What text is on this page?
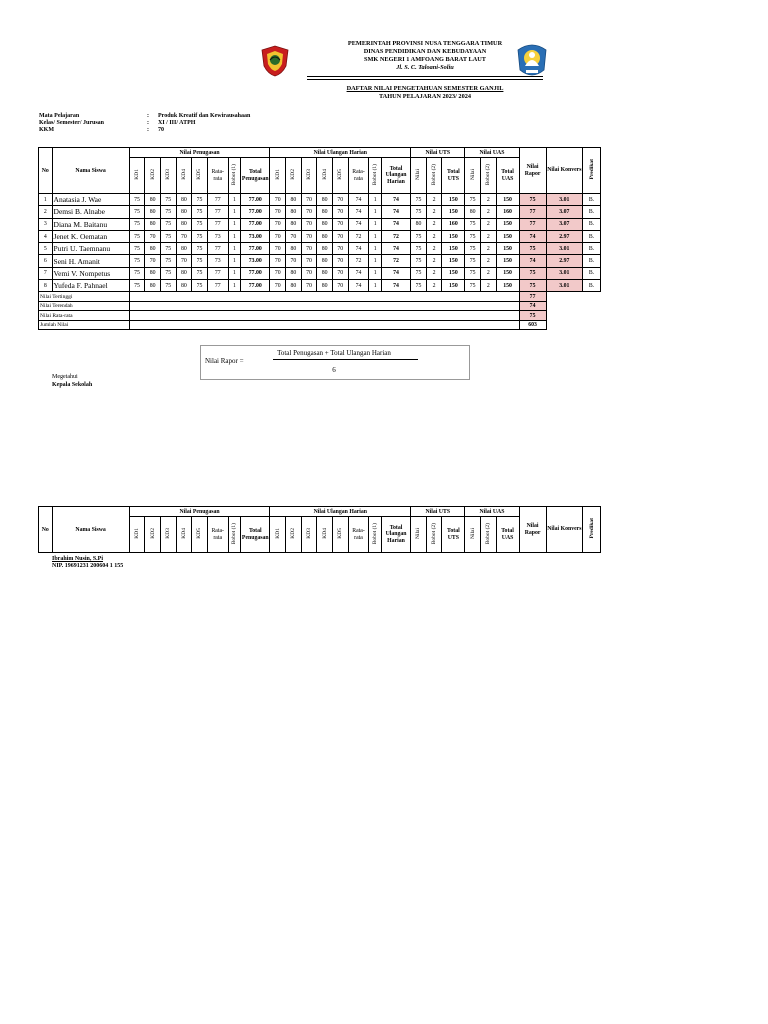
PEMERINTAH PROVINSI NUSA TENGGARA TIMUR
DINAS PENDIDIKAN DAN KEBUDAYAAN
SMK NEGERI 1 AMFOANG BARAT LAUT
Jl. S. C. Taloani-Soliu
DAFTAR NILAI PENGETAHUAN SEMESTER GANJIL
TAHUN PELAJARAN 2023/ 2024
Mata Pelajaran	:	Produk Kreatif dan Kewirausahaan
Kelas/ Semester/ Jurusan	:	XI / III/ ATPH
KKM	:	70
No	Nama Siswa	Nilai Penugasan								Nilai Ulangan Harian								Nilai UTS			Nilai UAS			Nilai Rapor	Nilai Konvers	Predikat
		KD1	KD2	KD3	KD4	KD5	Rata-rata	Bobot (1)	Total Penugasan	KD1	KD2	KD3	KD4	KD5	Rata-rata	Bobot (1)	Total Ulangan Harian	Nilai	Bobot (2)	Total UTS	Nilai	Bobot (2)	Total UAS			
1	Anatasia J. Wae	75	80	75	80	75	77	1	77.00	70	80	70	80	70	74	1	74	75	2	150	75	2	150	75	3.01	B.
2	Demsi B. Alnabe	75	80	75	80	75	77	1	77.00	70	80	70	80	70	74	1	74	75	2	150	80	2	160	77	3.07	B.
3	Diana M. Baitanu	75	80	75	80	75	77	1	77.00	70	80	70	80	70	74	1	74	80	2	160	75	2	150	77	3.07	B.
4	Jenet K. Oematan	75	70	75	70	75	73	1	73.00	70	70	70	80	70	72	1	72	75	2	150	75	2	150	74	2.97	B.
5	Putri U. Taemnanu	75	80	75	80	75	77	1	77.00	70	80	70	80	70	74	1	74	75	2	150	75	2	150	75	3.01	B.
6	Seni H. Amanit	75	70	75	70	75	73	1	73.00	70	70	70	80	70	72	1	72	75	2	150	75	2	150	74	2.97	B.
7	Vemi V. Nompetus	75	80	75	80	75	77	1	77.00	70	80	70	80	70	74	1	74	75	2	150	75	2	150	75	3.01	B.
8	Yufeda F. Pahnael	75	80	75	80	75	77	1	77.00	70	80	70	80	70	74	1	74	75	2	150	75	2	150	75	3.01	B.
Nilai Tertinggi																								77		
Nilai Terendah																								74		
Nilai Rata-rata																								75		
Jumlah Nilai																								603		
Total Penugasan + Total Ulangan Harian
Nilai Rapor =
6
Megetahui
Kepala Sekolah
No	Nama Siswa	Nilai Penugasan								Nilai Ulangan Harian								Nilai UTS			Nilai UAS			Nilai Rapor	Nilai Konvers	Predikat
		KD1	KD2	KD3	KD4	KD5	Rata-rata	Bobot (1)	Total Penugasan	KD1	KD2	KD3	KD4	KD5	Rata-rata	Bobot (1)	Total Ulangan Harian	Nilai	Bobot (2)	Total UTS	Nilai	Bobot (2)	Total UAS			
Ibrahim Nusin, S.Pi
NIP. 19691231 200604 1 155
